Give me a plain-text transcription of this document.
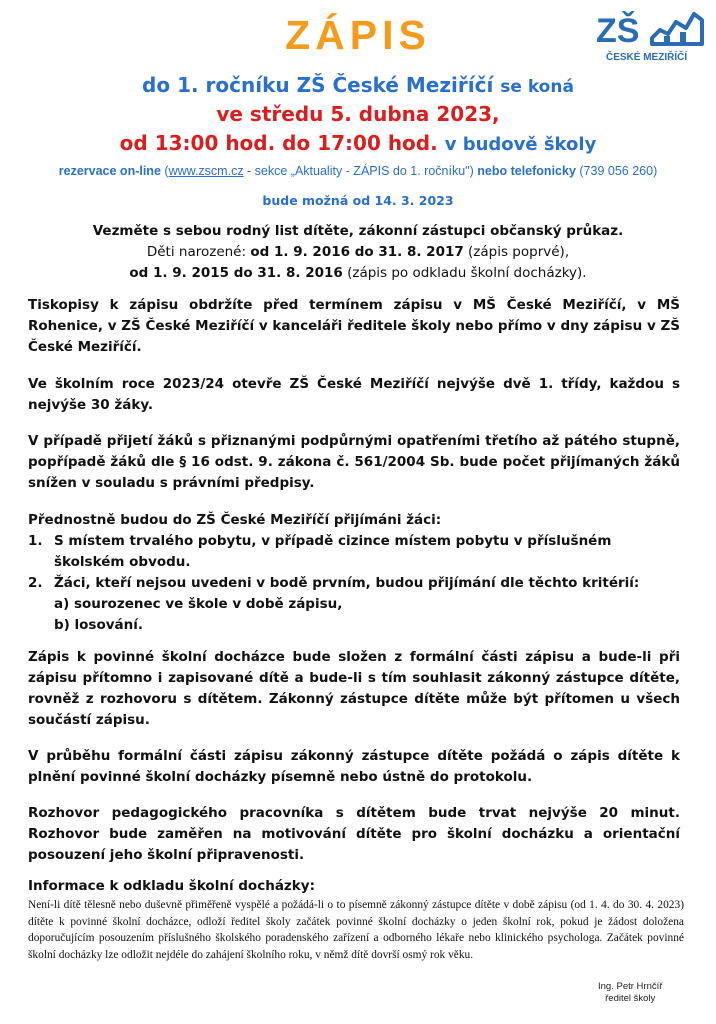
ZŠ
ČESKÉ MEZIŘÍČÍ
ZÁPIS
do 1. ročníku ZŠ České Meziříčí se koná
ve středu 5. dubna 2023,
od 13:00 hod. do 17:00 hod. v budově školy
rezervace on-line (www.zscm.cz - sekce „Aktuality - ZÁPIS do 1. ročníku") nebo telefonicky (739 056 260)
bude možná od 14. 3. 2023
Vezměte s sebou rodný list dítěte, zákonní zástupci občanský průkaz.
Děti narozené: od 1. 9. 2016 do 31. 8. 2017 (zápis poprvé),
od 1. 9. 2015 do 31. 8. 2016 (zápis po odkladu školní docházky).
Tiskopisy k zápisu obdržíte před termínem zápisu v MŠ České Meziříčí, v MŠ Rohenice, v ZŠ České Meziříčí v kanceláři ředitele školy nebo přímo v dny zápisu v ZŠ České Meziříčí.
Ve školním roce 2023/24 otevře ZŠ České Meziříčí nejvýše dvě 1. třídy, každou s nejvýše 30 žáky.
V případě přijetí žáků s přiznanými podpůrnými opatřeními třetího až pátého stupně, popřípadě žáků dle § 16 odst. 9. zákona č. 561/2004 Sb. bude počet přijímaných žáků snížen v souladu s právními předpisy.
Přednostně budou do ZŠ České Meziříčí přijímáni žáci:
1. S místem trvalého pobytu, v případě cizince místem pobytu v příslušném školském obvodu.
2. Žáci, kteří nejsou uvedeni v bodě prvním, budou přijímání dle těchto kritérií:
a) sourozenec ve škole v době zápisu,
b) losování.
Zápis k povinné školní docházce bude složen z formální části zápisu a bude-li při zápisu přítomno i zapisované dítě a bude-li s tím souhlasit zákonný zástupce dítěte, rovněž z rozhovoru s dítětem. Zákonný zástupce dítěte může být přítomen u všech součástí zápisu.
V průběhu formální části zápisu zákonný zástupce dítěte požádá o zápis dítěte k plnění povinné školní docházky písemně nebo ústně do protokolu.
Rozhovor pedagogického pracovníka s dítětem bude trvat nejvýše 20 minut. Rozhovor bude zaměřen na motivování dítěte pro školní docházku a orientační posouzení jeho školní připravenosti.
Informace k odkladu školní docházky:
Není-li dítě tělesně nebo duševně přiměřeně vyspělé a požádá-li o to písemně zákonný zástupce dítěte v době zápisu (od 1. 4. do 30. 4. 2023) dítěte k povinné školní docházce, odloží ředitel školy začátek povinné školní docházky o jeden školní rok, pokud je žádost doložena doporučujícím posouzením příslušného školského poradenského zařízení a odborného lékaře nebo klinického psychologa. Začátek povinné školní docházky lze odložit nejdéle do zahájení školního roku, v němž dítě dovrší osmý rok věku.
Ing. Petr Hrnčíř
ředitel školy
